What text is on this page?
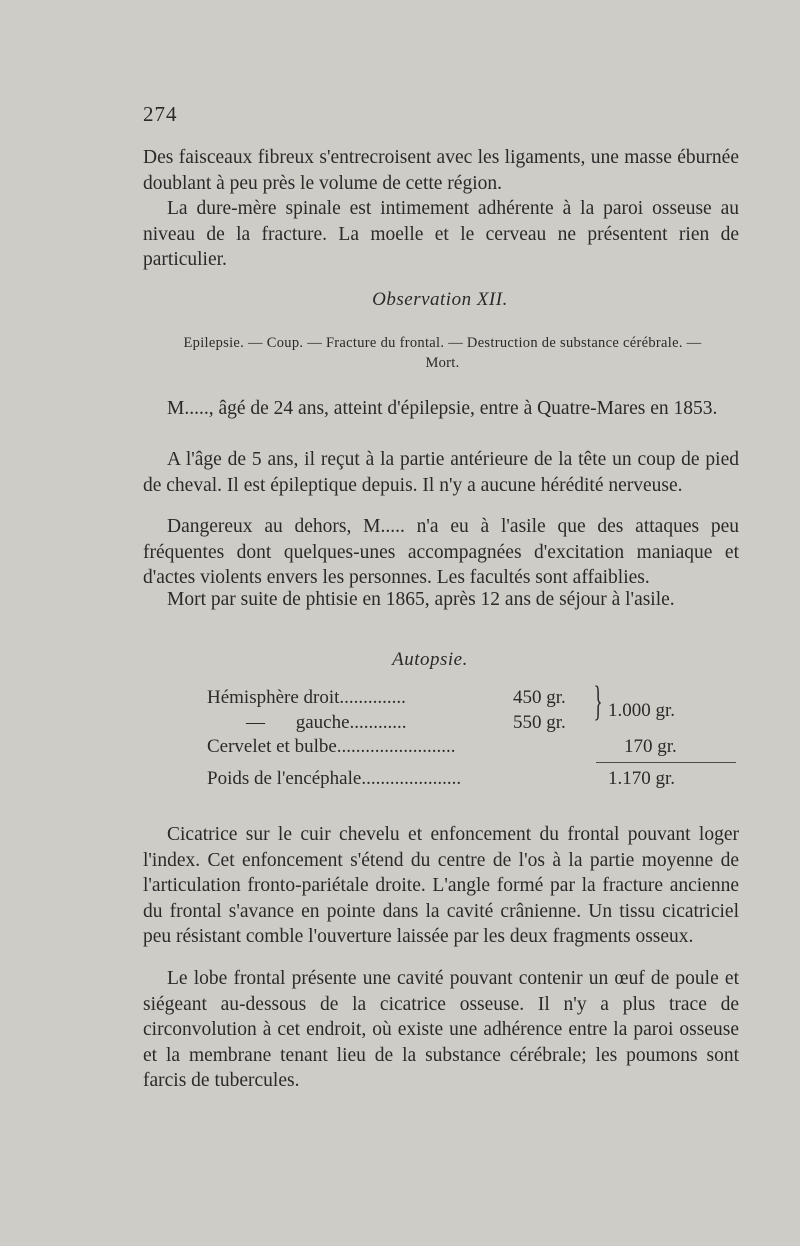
274

Des faisceaux fibreux s'entrecroisent avec les ligaments, une masse éburnée doublant à peu près le volume de cette région.

La dure-mère spinale est intimement adhérente à la paroi osseuse au niveau de la fracture. La moelle et le cerveau ne présentent rien de particulier.

Observation XII.
Epilepsie. — Coup. — Fracture du frontal. — Destruction de substance cérébrale. — Mort.

M....., âgé de 24 ans, atteint d'épilepsie, entre à Quatre-Mares en 1853.

A l'âge de 5 ans, il reçut à la partie antérieure de la tête un coup de pied de cheval. Il est épileptique depuis. Il n'y a aucune hérédité nerveuse.

Dangereux au dehors, M..... n'a eu à l'asile que des attaques peu fréquentes dont quelques-unes accompagnées d'excitation maniaque et d'actes violents envers les personnes. Les facultés sont affaiblies.

Mort par suite de phtisie en 1865, après 12 ans de séjour à l'asile.

Autopsie.
Hémisphère droit..............	450 gr.
— gauche............	550 gr. } 1.000 gr.
Cervelet et bulbe.........................	170 gr.
Poids de l'encéphale.....................	1.170 gr.

Cicatrice sur le cuir chevelu et enfoncement du frontal pouvant loger l'index. Cet enfoncement s'étend du centre de l'os à la partie moyenne de l'articulation fronto-pariétale droite. L'angle formé par la fracture ancienne du frontal s'avance en pointe dans la cavité crânienne. Un tissu cicatriciel peu résistant comble l'ouverture laissée par les deux fragments osseux.

Le lobe frontal présente une cavité pouvant contenir un œuf de poule et siégeant au-dessous de la cicatrice osseuse. Il n'y a plus trace de circonvolution à cet endroit, où existe une adhérence entre la paroi osseuse et la membrane tenant lieu de la substance cérébrale; les poumons sont farcis de tubercules.
